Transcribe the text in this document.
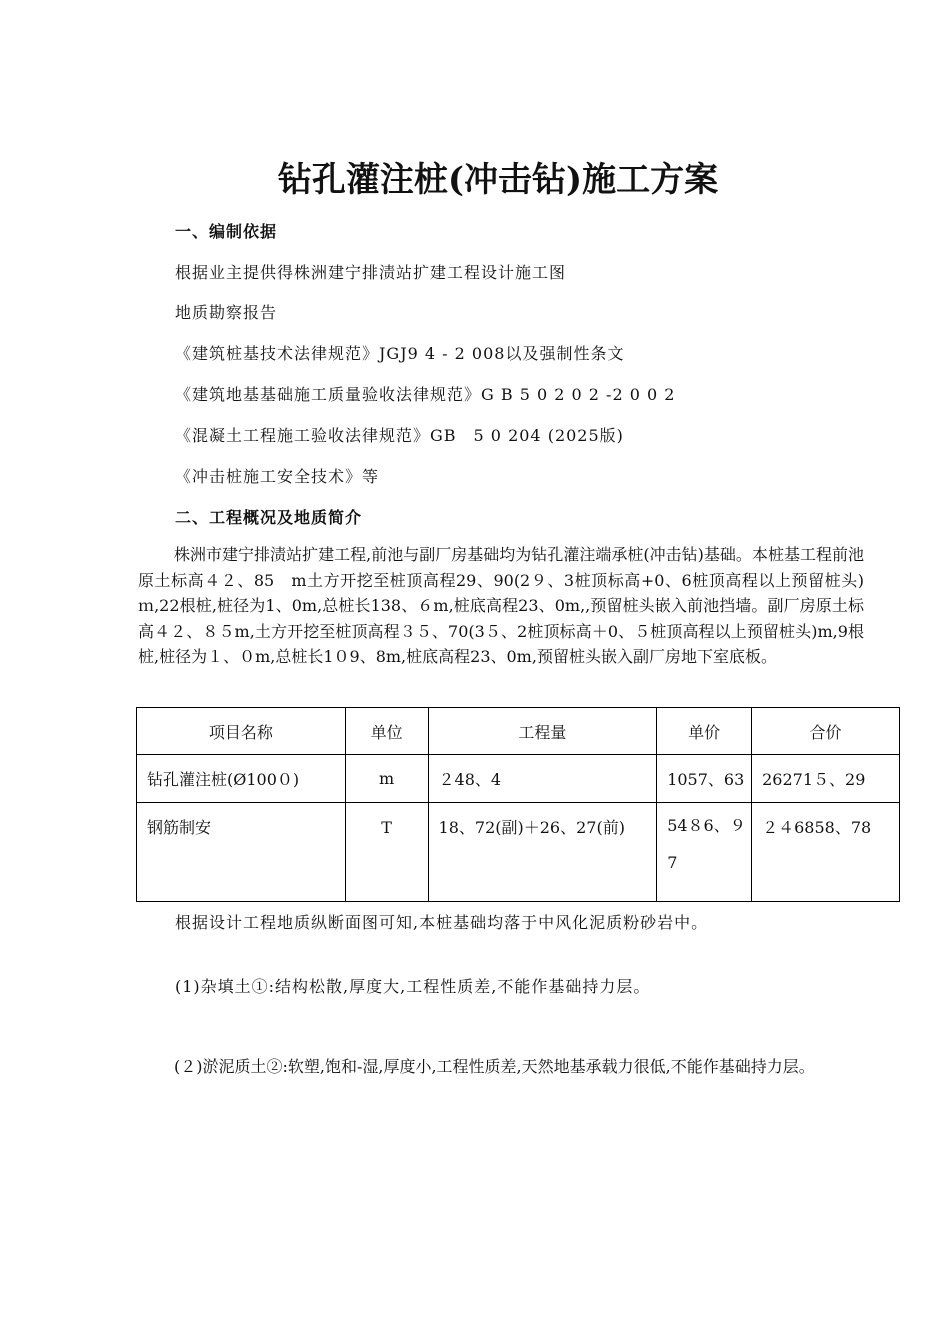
钻孔灌注桩(冲击钻)施工方案
一、编制依据
根据业主提供得株洲建宁排渍站扩建工程设计施工图
地质勘察报告
《建筑桩基技术法律规范》JGJ9 4 - 2 008以及强制性条文
《建筑地基基础施工质量验收法律规范》G B 5 0 2 0 2 -2 0 0 2
《混凝土工程施工验收法律规范》GB　5 0 204 (2025版)
《冲击桩施工安全技术》等
二、工程概况及地质简介
株洲市建宁排渍站扩建工程,前池与副厂房基础均为钻孔灌注端承桩(冲击钻)基础。本桩基工程前池原土标高４２、85　m土方开挖至桩顶高程29、90(2９、3桩顶标高+0、6桩顶高程以上预留桩头)ｍ,22根桩,桩径为1、0m,总桩长138、６m,桩底高程23、0m,,预留桩头嵌入前池挡墙。副厂房原土标高４２、８５m,土方开挖至桩顶高程３５、70(3５、2桩顶标高＋0、５桩顶高程以上预留桩头)m,9根桩,桩径为１、０m,总桩长1０9、8m,桩底高程23、0m,预留桩头嵌入副厂房地下室底板。
项目名称	单位	工程量	单价	合价
钻孔灌注桩(Ø100０)	m	２48、4	1057、63	26271５、29
钢筋制安	T	18、72(副)＋26、27(前)	54８6、９7	２４6858、78
根据设计工程地质纵断面图可知,本桩基础均落于中风化泥质粉砂岩中。
(1)杂填土①:结构松散,厚度大,工程性质差,不能作基础持力层。
(２)淤泥质土②:软塑,饱和-湿,厚度小,工程性质差,天然地基承载力很低,不能作基础持力层。
